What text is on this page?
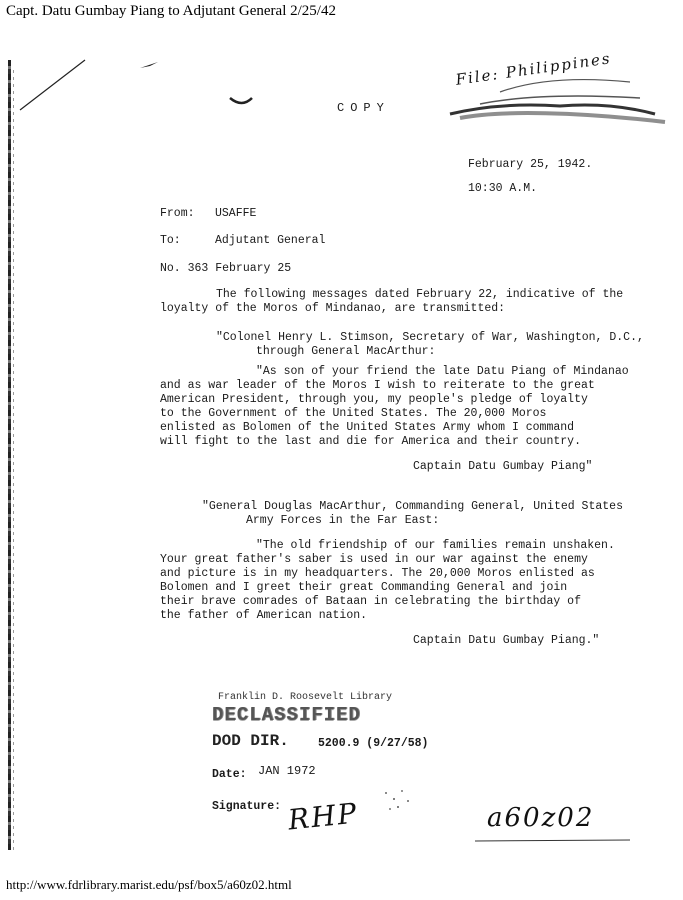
Capt. Datu Gumbay Piang to Adjutant General 2/25/42
File: Philippines

COPY

February 25, 1942.

10:30 A.M.

From: USAFFE

To:	Adjutant General

No. 363 February 25

The following messages dated February 22, indicative of the

loyalty of the Moros of Mindanao, are transmitted:

"Colonel Henry L. Stimson, Secretary of War, Washington, D.C.,

through General MacArthur:

"As son of your friend the late Datu Piang of Mindanao

and as war leader of the Moros I wish to reiterate to the great

American President, through you, my people's pledge of loyalty

to the Government of the United States. The 20,000 Moros

enlisted as Bolomen of the United States Army whom I command

will fight to the last and die for America and their country.

Captain Datu Gumbay Piang"

"General Douglas MacArthur, Commanding General, United States

Army Forces in the Far East:

"The old friendship of our families remain unshaken.

Your great father's saber is used in our war against the enemy

and picture is in my headquarters. The 20,000 Moros enlisted as

Bolomen and I greet their great Commanding General and join

their brave comrades of Bataan in celebrating the birthday of

the father of American nation.

Captain Datu Gumbay Piang."

Franklin D. Roosevelt Library

DECLASSIFIED
DOD DIR.	5200.9 (9/27/58)

Date: JAN 1972

Signature: RHP	a60z02
http://www.fdrlibrary.marist.edu/psf/box5/a60z02.html
